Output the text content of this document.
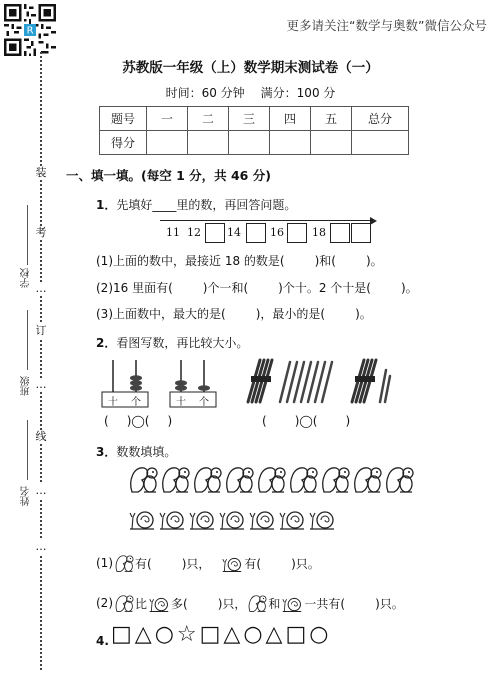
R	更多请关注“数学与奥数”微信公众号
装
考
…
订
…
线
…
…
学校
班级
姓名
苏教版一年级（上）数学期末测试卷（一）
时间：60 分钟 满分：100 分
题号	一	二	三	四	五	总分
得分						
一、填一填。(每空 1 分，共 46 分)
1．先填好____里的数，再回答问题。
11 12 14	16	18
(1)上面的数中，最接近 18 的数是(	)和(	)。
(2)16 里面有(	)个一和(	)个十。2 个十是(	)。
(3)上面数中，最大的是(	)，最小的是(	)。
2．看图写数，再比较大小。
十 个	十 个
( )◯( )	( )◯( )
3．数数填填。
(1) 有(	)只，	有(	)只。
(2) 比 多(	)只， 和 一共有(	)只。
4. □△○☆□△○△□○
